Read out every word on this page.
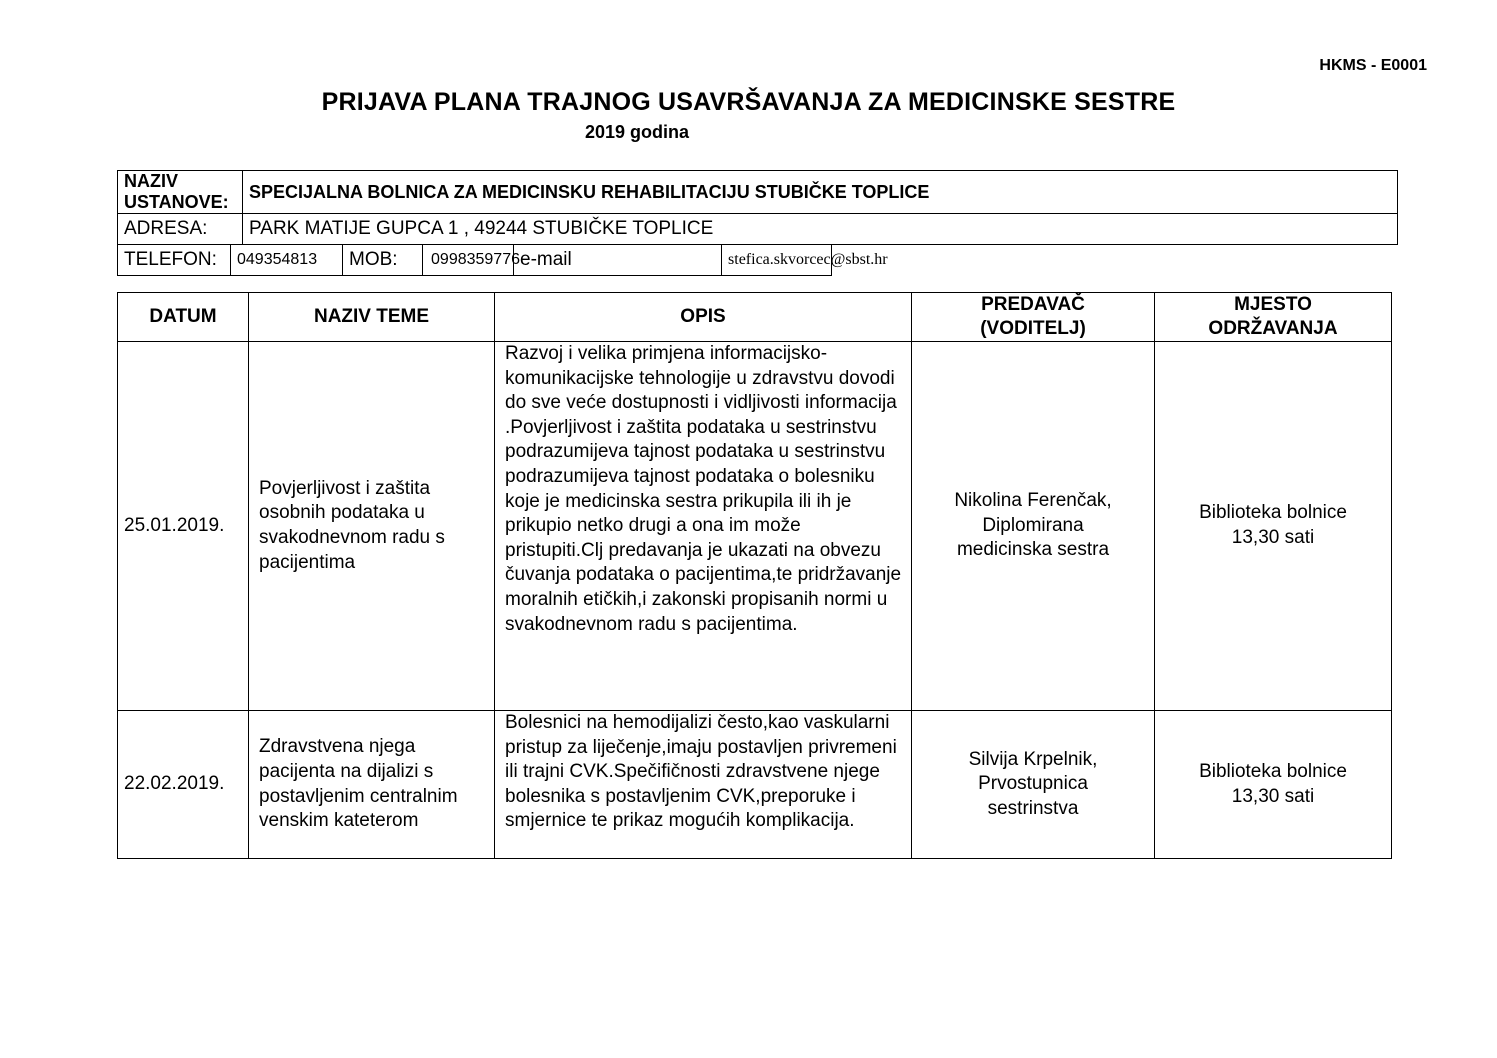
HKMS - E0001
PRIJAVA PLANA TRAJNOG USAVRŠAVANJA ZA MEDICINSKE SESTRE
2019 godina
NAZIV USTANOVE:		SPECIJALNA BOLNICA ZA MEDICINSKU REHABILITACIJU STUBIČKE TOPLICE				
ADRESA:		PARK MATIJE GUPCA 1 , 49244 STUBIČKE TOPLICE				
TELEFON:	049354813		MOB:	0998359776	e-mail	stefica.skvorcec@sbst.hr
DATUM	NAZIV TEME	OPIS	PREDAVAČ (VODITELJ)	MJESTO ODRŽAVANJA
25.01.2019.	Povjerljivost i zaštita osobnih podataka u svakodnevnom radu s pacijentima	Razvoj i velika primjena informacijsko-komunikacijske tehnologije u zdravstvu dovodi do sve veće dostupnosti i vidljivosti informacija .Povjerljivost i zaštita podataka u sestrinstvu podrazumijeva tajnost podataka u sestrinstvu podrazumijeva tajnost podataka o bolesniku koje je medicinska sestra prikupila ili ih je prikupio netko drugi a ona im može pristupiti.Clj predavanja je ukazati na obvezu čuvanja podataka o pacijentima,te pridržavanje moralnih etičkih,i zakonski propisanih normi u svakodnevnom radu s pacijentima.	Nikolina Ferenčak, Diplomirana medicinska sestra	Biblioteka bolnice 13,30 sati
22.02.2019.	Zdravstvena njega pacijenta na dijalizi s postavljenim centralnim venskim kateterom	Bolesnici na hemodijalizi često,kao vaskularni pristup za liječenje,imaju postavljen privremeni ili trajni CVK.Spečifičnosti zdravstvene njege bolesnika s postavljenim CVK,preporuke i smjernice te prikaz mogućih komplikacija.	Silvija Krpelnik, Prvostupnica sestrinstva	Biblioteka bolnice 13,30 sati
